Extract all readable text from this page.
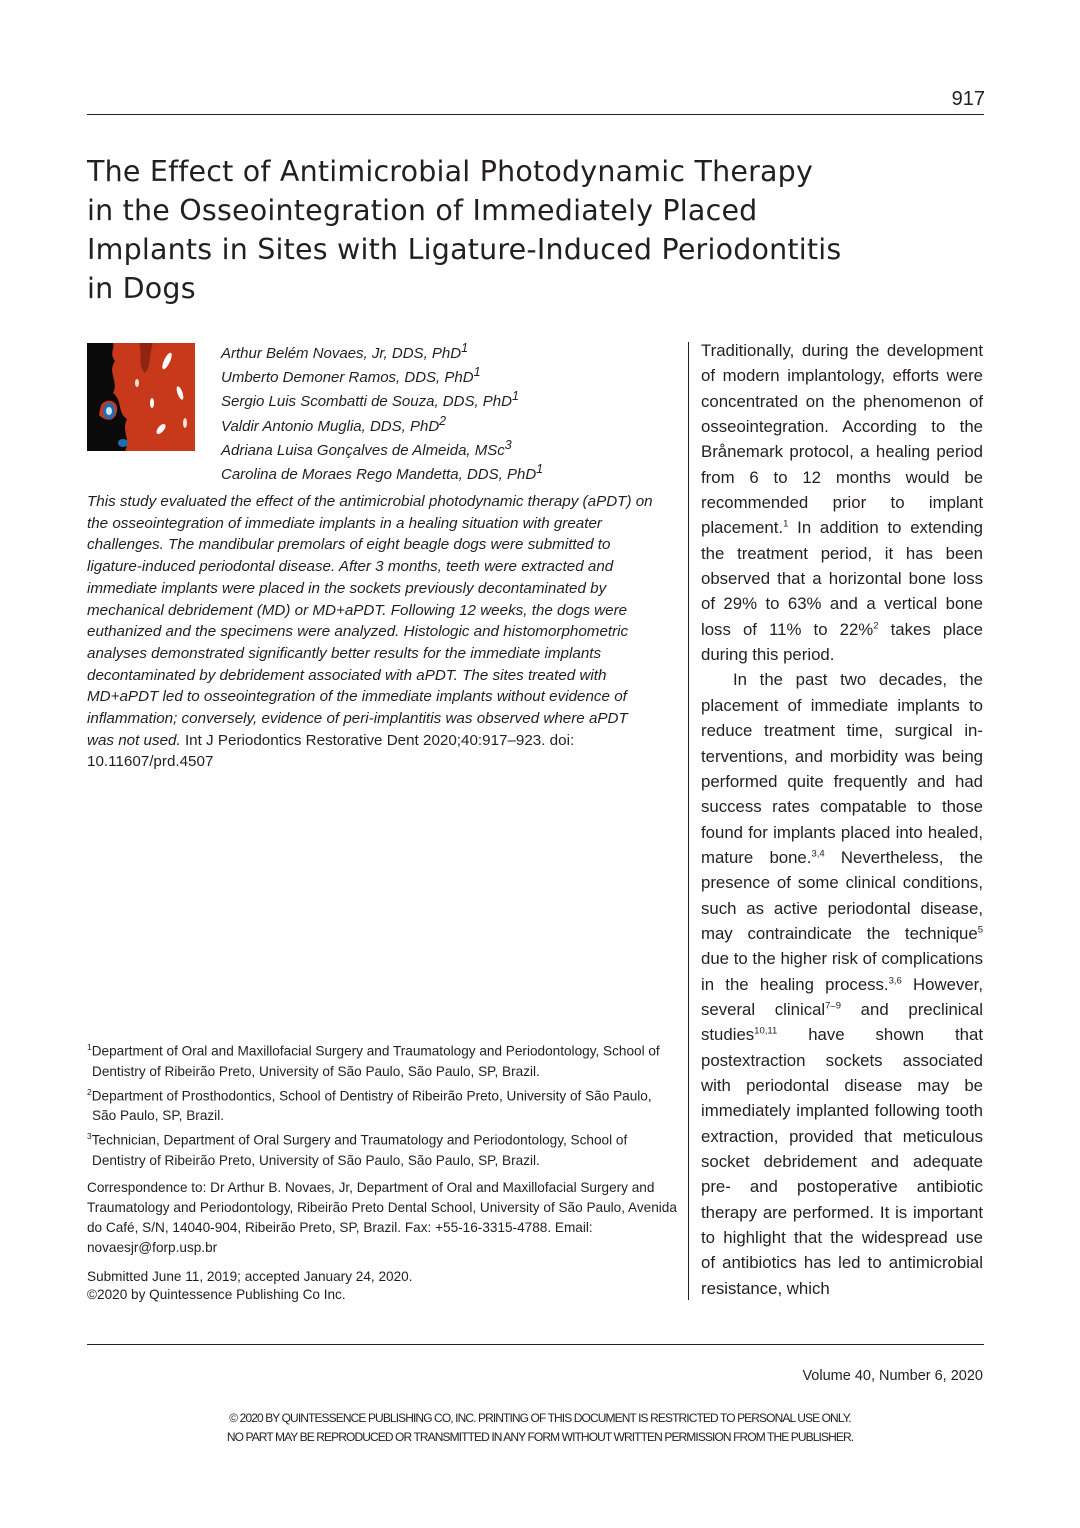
917
The Effect of Antimicrobial Photodynamic Therapy in the Osseointegration of Immediately Placed Implants in Sites with Ligature-Induced Periodontitis in Dogs
Arthur Belém Novaes, Jr, DDS, PhD$^1$
Umberto Demoner Ramos, DDS, PhD$^1$
Sergio Luis Scombatti de Souza, DDS, PhD$^1$
Valdir Antonio Muglia, DDS, PhD$^2$
Adriana Luisa Gonçalves de Almeida, MSc$^3$
Carolina de Moraes Rego Mandetta, DDS, PhD$^1$

This study evaluated the effect of the antimicrobial photodynamic therapy (aPDT) on the osseointegration of immediate implants in a healing situation with greater challenges. The mandibular premolars of eight beagle dogs were submitted to ligature-induced periodontal disease. After 3 months, teeth were extracted and immediate implants were placed in the sockets previously decontaminated by mechanical debridement (MD) or MD+aPDT. Following 12 weeks, the dogs were euthanized and the specimens were analyzed. Histologic and histomorphometric analyses demonstrated significantly better results for the immediate implants decontaminated by debridement associated with aPDT. The sites treated with MD+aPDT led to osseointegration of the immediate implants without evidence of inflammation; conversely, evidence of peri-implantitis was observed where aPDT was not used. Int J Periodontics Restorative Dent 2020;40:917–923. doi: 10.11607/prd.4507

$^1$Department of Oral and Maxillofacial Surgery and Traumatology and Periodontology, School of Dentistry of Ribeirão Preto, University of São Paulo, São Paulo, SP, Brazil.
$^2$Department of Prosthodontics, School of Dentistry of Ribeirão Preto, University of São Paulo, São Paulo, SP, Brazil.
$^3$Technician, Department of Oral Surgery and Traumatology and Periodontology, School of Dentistry of Ribeirão Preto, University of São Paulo, São Paulo, SP, Brazil.
Correspondence to: Dr Arthur B. Novaes, Jr, Department of Oral and Maxillofacial Surgery and Traumatology and Periodontology, Ribeirão Preto Dental School, University of São Paulo, Avenida do Café, S/N, 14040-904, Ribeirão Preto, SP, Brazil. Fax: +55-16-3315-4788. Email: novaesjr@forp.usp.br
Submitted June 11, 2019; accepted January 24, 2020.
©2020 by Quintessence Publishing Co Inc.

Traditionally, during the development of modern implantology, efforts were concentrated on the phenomenon of osseointegration. According to the Brånemark protocol, a healing period from 6 to 12 months would be recommended prior to implant placement.$^1$ In addition to extending the treatment period, it has been observed that a horizontal bone loss of 29% to 63% and a vertical bone loss of 11% to 22%$^2$ takes place during this period.

In the past two decades, the placement of immediate implants to reduce treatment time, surgical interventions, and morbidity was being performed quite frequently and had success rates compatable to those found for implants placed into healed, mature bone.$^{3,4}$ Nevertheless, the presence of some clinical conditions, such as active periodontal disease, may contraindicate the technique$^5$ due to the higher risk of complications in the healing process.$^{3,6}$ However, several clinical$^{7-9}$ and preclinical studies$^{10,11}$ have shown that postextraction sockets associated with periodontal disease may be immediately implanted following tooth extraction, provided that meticulous socket debridement and adequate pre- and postoperative antibiotic therapy are performed. It is important to highlight that the widespread use of antibiotics has led to antimicrobial resistance, which

Volume 40, Number 6, 2020
© 2020 BY QUINTESSENCE PUBLISHING CO, INC. PRINTING OF THIS DOCUMENT IS RESTRICTED TO PERSONAL USE ONLY.
NO PART MAY BE REPRODUCED OR TRANSMITTED IN ANY FORM WITHOUT WRITTEN PERMISSION FROM THE PUBLISHER.
